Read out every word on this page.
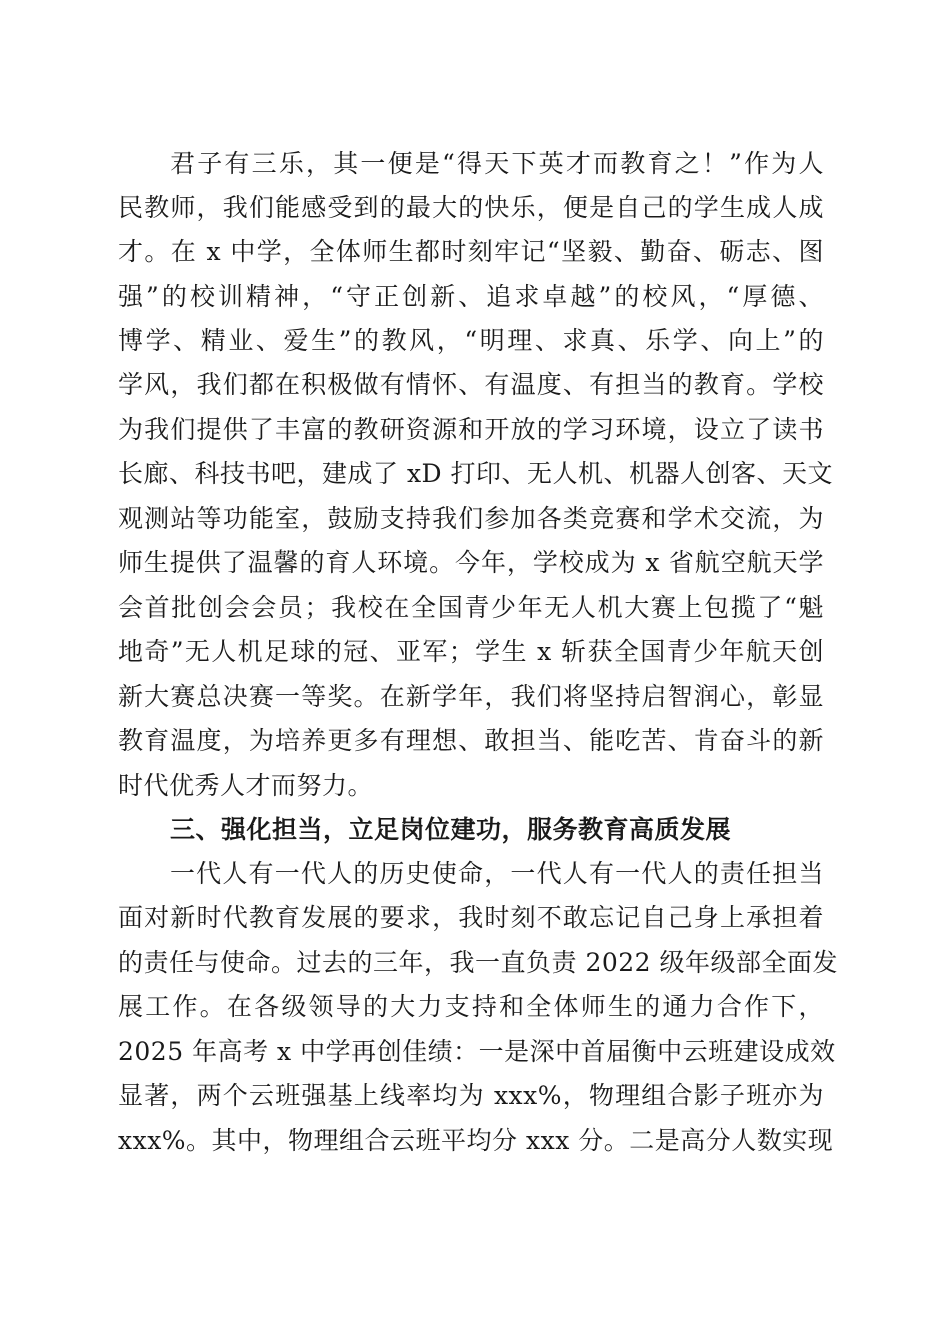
君子有三乐，其一便是“得天下英才而教育之！”作为人
民教师，我们能感受到的最大的快乐，便是自己的学生成人成
才。在 x 中学，全体师生都时刻牢记“坚毅、勤奋、砺志、图
强”的校训精神，“守正创新、追求卓越”的校风，“厚德、
博学、精业、爱生”的教风，“明理、求真、乐学、向上”的
学风，我们都在积极做有情怀、有温度、有担当的教育。学校
为我们提供了丰富的教研资源和开放的学习环境，设立了读书
长廊、科技书吧，建成了 xD 打印、无人机、机器人创客、天文
观测站等功能室，鼓励支持我们参加各类竞赛和学术交流，为
师生提供了温馨的育人环境。今年，学校成为 x 省航空航天学
会首批创会会员；我校在全国青少年无人机大赛上包揽了“魁
地奇”无人机足球的冠、亚军；学生 x 斩获全国青少年航天创
新大赛总决赛一等奖。在新学年，我们将坚持启智润心，彰显
教育温度，为培养更多有理想、敢担当、能吃苦、肯奋斗的新
时代优秀人才而努力。
三、强化担当，立足岗位建功，服务教育高质发展
一代人有一代人的历史使命，一代人有一代人的责任担当
面对新时代教育发展的要求，我时刻不敢忘记自己身上承担着
的责任与使命。过去的三年，我一直负责 2022 级年级部全面发
展工作。在各级领导的大力支持和全体师生的通力合作下，
2025 年高考 x 中学再创佳绩：一是深中首届衡中云班建设成效
显著，两个云班强基上线率均为 xxx%，物理组合影子班亦为
xxx%。其中，物理组合云班平均分 xxx 分。二是高分人数实现
